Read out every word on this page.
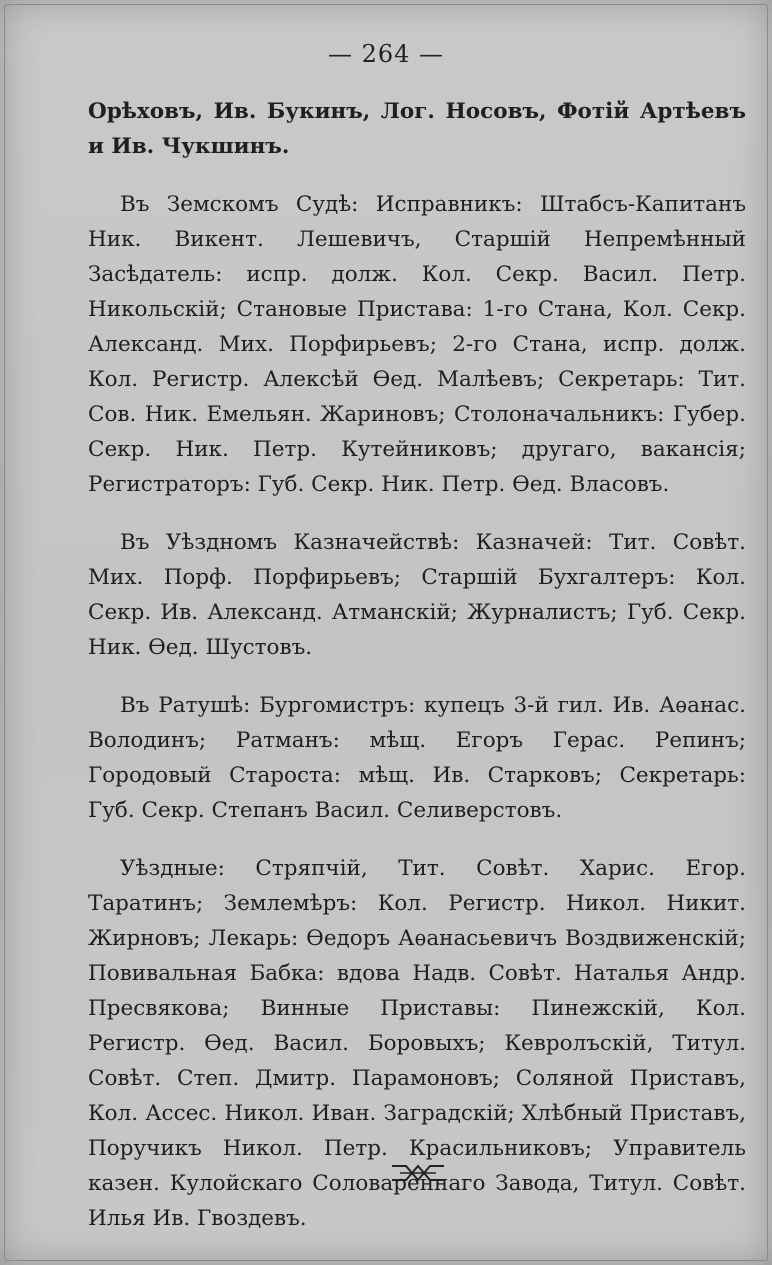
— 264 —

Орѣховъ, Ив. Букинъ, Лог. Носовъ, Фотій Артѣевъ и Ив. Чукшинъ.

Въ Земскомъ Судѣ: Исправникъ: Штабсъ-Капитанъ Ник. Викент. Лешевичъ, Старшій Непремѣнный Засѣдатель: испр. долж. Кол. Секр. Васил. Петр. Никольскій; Становые Пристава: 1-го Стана, Кол. Секр. Александ. Мих. Порфирьевъ; 2-го Стана, испр. долж. Кол. Регистр. Алексѣй Ѳед. Малѣевъ; Секретарь: Тит. Сов. Ник. Емельян. Жариновъ; Столоначальникъ: Губер. Секр. Ник. Петр. Кутейниковъ; другаго, вакансія; Регистраторъ: Губ. Секр. Ник. Петр. Ѳед. Власовъ.

Въ Уѣздномъ Казначействѣ: Казначей: Тит. Совѣт. Мих. Порф. Порфирьевъ; Старшій Бухгалтеръ: Кол. Секр. Ив. Александ. Атманскій; Журналистъ; Губ. Секр. Ник. Ѳед. Шустовъ.

Въ Ратушѣ: Бургомистръ: купецъ 3-й гил. Ив. Аѳанас. Володинъ; Ратманъ: мѣщ. Егоръ Герас. Репинъ; Городовый Староста: мѣщ. Ив. Старковъ; Секретарь: Губ. Секр. Степанъ Васил. Селиверстовъ.

Уѣздные: Стряпчій, Тит. Совѣт. Харис. Егор. Таратинъ; Землемѣръ: Кол. Регистр. Никол. Никит. Жирновъ; Лекарь: Ѳедоръ Аѳанасьевичъ Воздвиженскій; Повивальная Бабка: вдова Надв. Совѣт. Наталья Андр. Пресвякова; Винные Приставы: Пинежскій, Кол. Регистр. Ѳед. Васил. Боровыхъ; Кевролъскій, Титул. Совѣт. Степ. Дмитр. Парамоновъ; Соляной Приставъ, Кол. Ассес. Никол. Иван. Заградскій; Хлѣбный Приставъ, Поручикъ Никол. Петр. Красильниковъ; Управитель казен. Кулойскаго Соловареннаго Завода, Титул. Совѣт. Илья Ив. Гвоздевъ.
